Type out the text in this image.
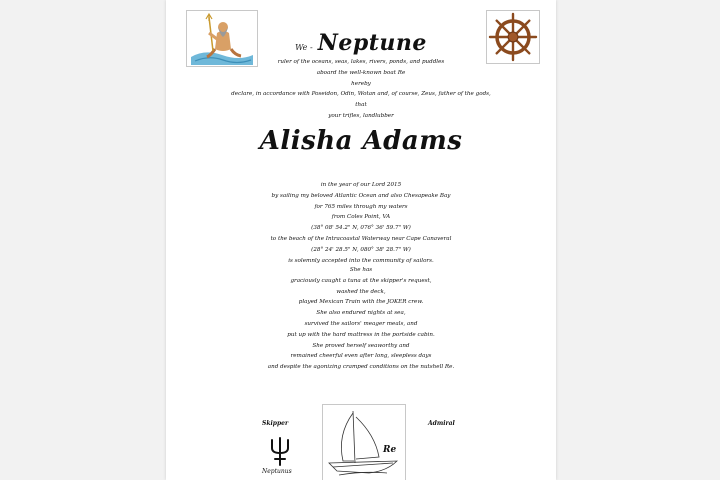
We - Neptune
ruler of the oceans, seas, lakes, rivers, ponds, and puddles
aboard the well-known boat Re
hereby
declare, in accordance with Poseidon, Odin, Wotan and, of course, Zeus, father of the gods,
that
your trifles, landlubber
Alisha Adams
in the year of our Lord 2015
by sailing my beloved Atlantic Ocean and also Chesapeake Bay
for 765 miles through my waters
from Coles Point, VA
(38° 08' 54.2" N, 076° 36' 59.7" W)
to the beach of the Intracoastal Waterway near Cape Canaveral
(28° 24' 28.5" N, 080° 38' 28.7" W)
is solemnly accepted into the community of sailors.
She has
graciously caught a tuna at the skipper's request,
washed the deck,
played Mexican Train with the JOKER crew.
She also endured nights at sea,
survived the sailors' meager meals, and
put up with the hard mattress in the portside cabin.
She proved herself seaworthy and
remained cheerful even after long, sleepless days
and despite the agonizing cramped conditions on the nutshell Re.
Skipper	Admiral
Neptunus
Re
